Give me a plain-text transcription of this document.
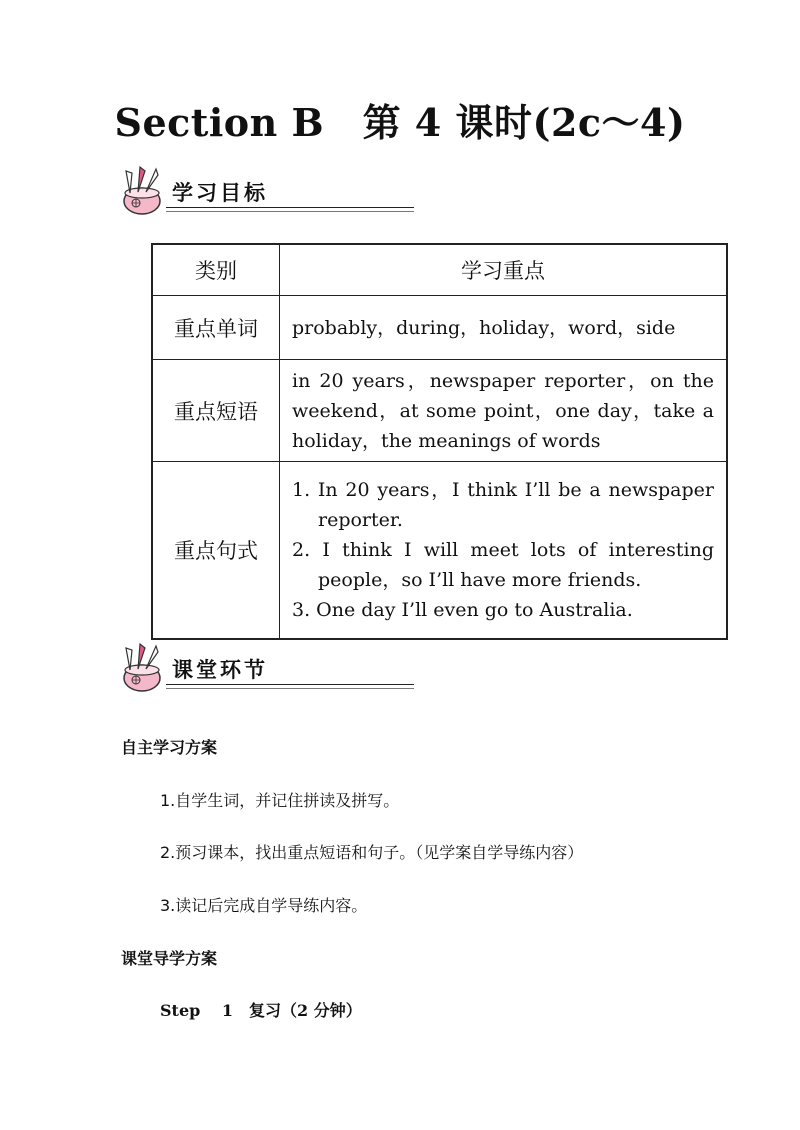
Section B　第 4 课时(2c～4)
学习目标
类别	学习重点
重点单词	probably，during，holiday，word，side
重点短语	in 20 years，newspaper reporter，on the weekend，at some point，one day，take a holiday，the meanings of words
重点句式	1. In 20 years，I think I’ll be a newspaper reporter.

2. I think I will meet lots of interesting people，so I’ll have more friends.

3. One day I’ll even go to Australia.

课堂环节
自主学习方案
1.自学生词，并记住拼读及拼写。
2.预习课本，找出重点短语和句子。（见学案自学导练内容）
3.读记后完成自学导练内容。
课堂导学方案
Step　 1　复习（2 分钟）
